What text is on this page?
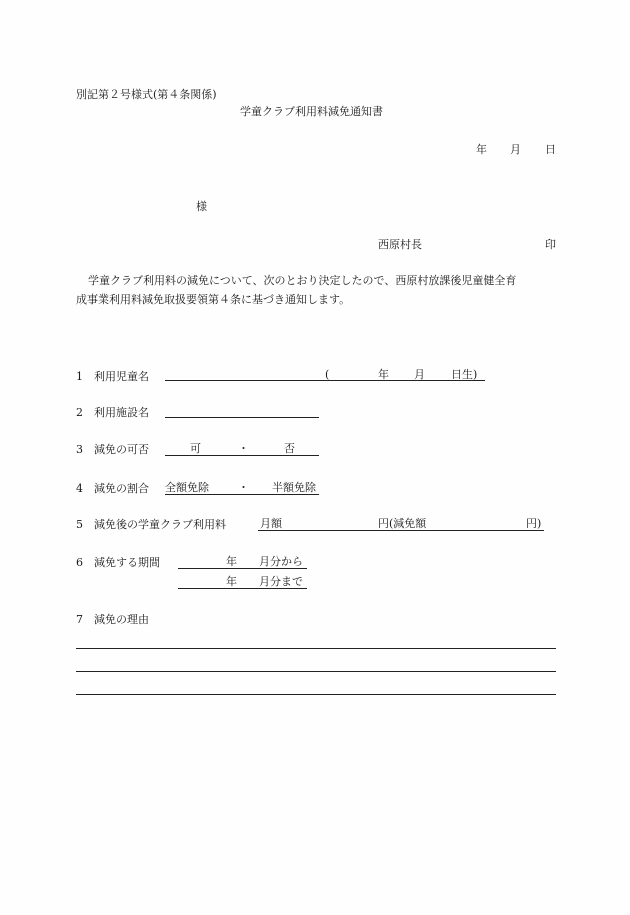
別記第２号様式(第４条関係)
学童クラブ利用料減免通知書
年 月 日
様
西原村長	印
学童クラブ利用料の減免について、次のとおり決定したので、西原村放課後児童健全育
成事業利用料減免取扱要領第４条に基づき通知します。
1 利用児童名	(	年 月 日生)
2 利用施設名
3 減免の可否	可	・	否
4 減免の割合 全額免除	・ 半額免除
5 減免後の学童クラブ利用料	月額	円(減免額	円)
6 減免する期間	年 月分から
年 月分まで
7 減免の理由
